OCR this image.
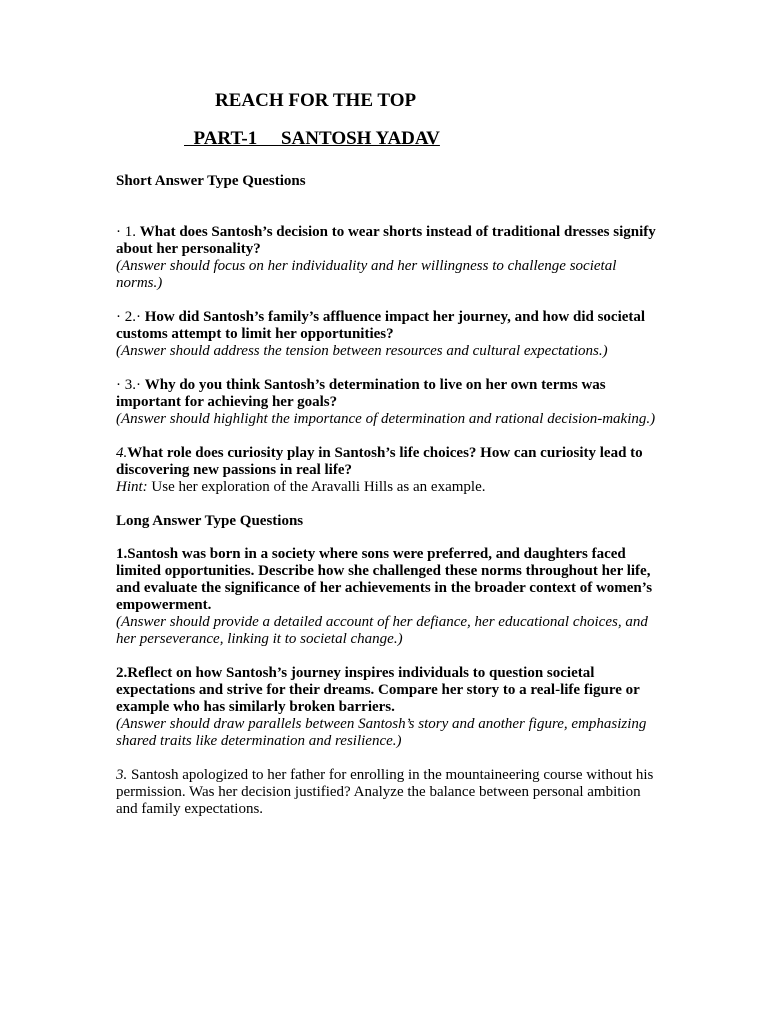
REACH FOR THE TOP
PART-1     SANTOSH YADAV
Short Answer Type Questions
· 1. What does Santosh’s decision to wear shorts instead of traditional dresses signify about her personality?
(Answer should focus on her individuality and her willingness to challenge societal norms.)
· 2.· How did Santosh’s family’s affluence impact her journey, and how did societal customs attempt to limit her opportunities?
(Answer should address the tension between resources and cultural expectations.)
· 3.· Why do you think Santosh’s determination to live on her own terms was important for achieving her goals?
(Answer should highlight the importance of determination and rational decision-making.)
4.What role does curiosity play in Santosh’s life choices? How can curiosity lead to discovering new passions in real life?
Hint: Use her exploration of the Aravalli Hills as an example.
Long Answer Type Questions
1.Santosh was born in a society where sons were preferred, and daughters faced limited opportunities. Describe how she challenged these norms throughout her life, and evaluate the significance of her achievements in the broader context of women’s empowerment.
(Answer should provide a detailed account of her defiance, her educational choices, and her perseverance, linking it to societal change.)
2.Reflect on how Santosh’s journey inspires individuals to question societal expectations and strive for their dreams. Compare her story to a real-life figure or example who has similarly broken barriers.
(Answer should draw parallels between Santosh’s story and another figure, emphasizing shared traits like determination and resilience.)
3. Santosh apologized to her father for enrolling in the mountaineering course without his permission. Was her decision justified? Analyze the balance between personal ambition and family expectations.
